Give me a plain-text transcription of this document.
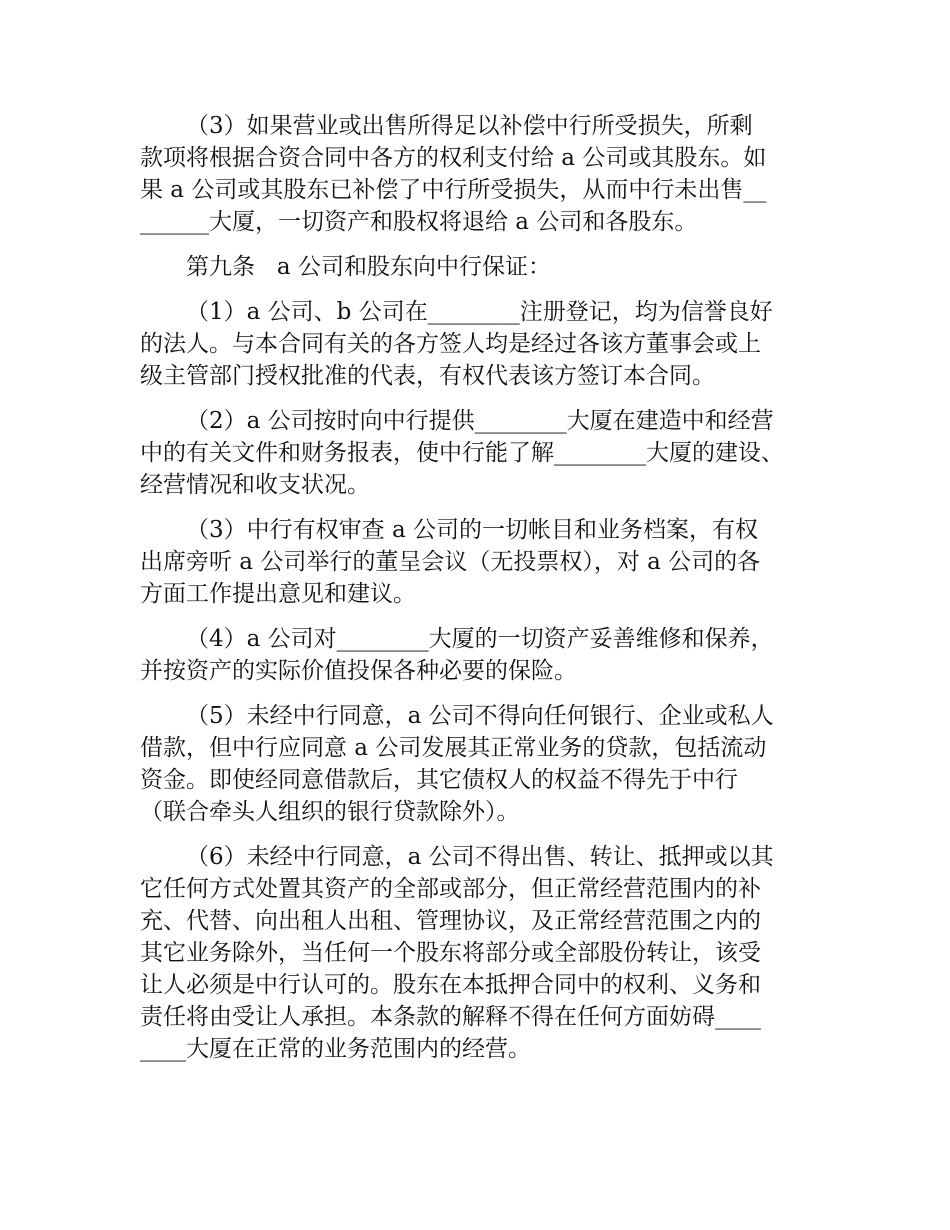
（3）如果营业或出售所得足以补偿中行所受损失，所剩
款项将根据合资合同中各方的权利支付给 a 公司或其股东。如
果 a 公司或其股东已补偿了中行所受损失，从而中行未出售__
______大厦，一切资产和股权将退给 a 公司和各股东。
第九条   a 公司和股东向中行保证：
（1）a 公司、b 公司在________注册登记，均为信誉良好
的法人。与本合同有关的各方签人均是经过各该方董事会或上
级主管部门授权批准的代表，有权代表该方签订本合同。
（2）a 公司按时向中行提供________大厦在建造中和经营
中的有关文件和财务报表，使中行能了解________大厦的建设、
经营情况和收支状况。
（3）中行有权审查 a 公司的一切帐目和业务档案，有权
出席旁听 a 公司举行的董呈会议（无投票权），对 a 公司的各
方面工作提出意见和建议。
（4）a 公司对________大厦的一切资产妥善维修和保养，
并按资产的实际价值投保各种必要的保险。
（5）未经中行同意，a 公司不得向任何银行、企业或私人
借款，但中行应同意 a 公司发展其正常业务的贷款，包括流动
资金。即使经同意借款后，其它债权人的权益不得先于中行
（联合牵头人组织的银行贷款除外）。
（6）未经中行同意，a 公司不得出售、转让、抵押或以其
它任何方式处置其资产的全部或部分，但正常经营范围内的补
充、代替、向出租人出租、管理协议，及正常经营范围之内的
其它业务除外，当任何一个股东将部分或全部股份转让，该受
让人必须是中行认可的。股东在本抵押合同中的权利、义务和
责任将由受让人承担。本条款的解释不得在任何方面妨碍____
____大厦在正常的业务范围内的经营。
